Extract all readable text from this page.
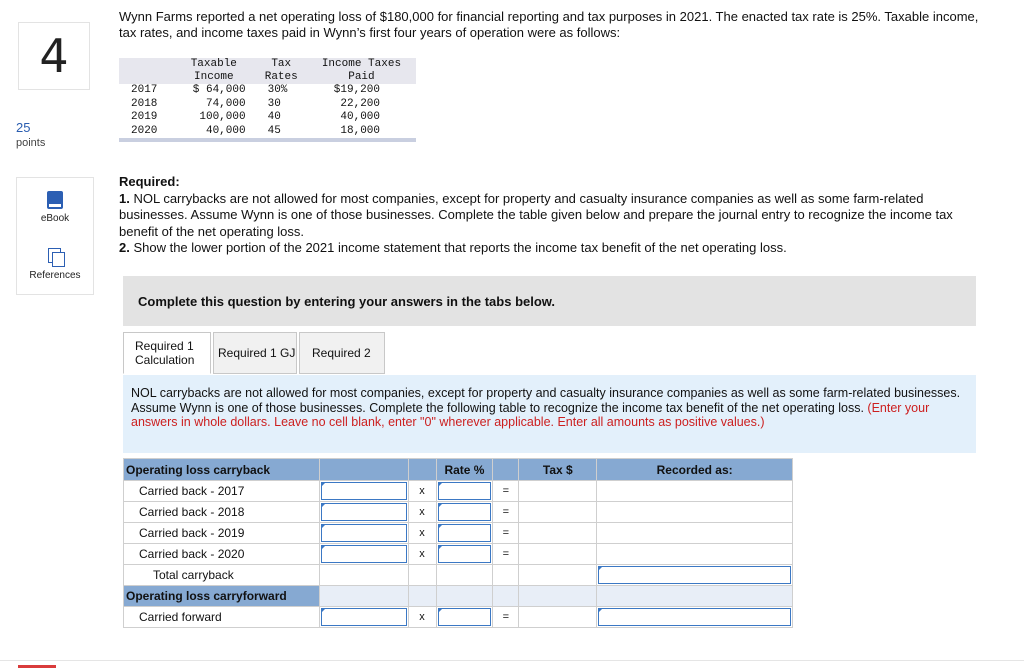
4
25
points
eBook
References
Wynn Farms reported a net operating loss of $180,000 for financial reporting and tax purposes in 2021. The enacted tax rate is 25%. Taxable income, tax rates, and income taxes paid in Wynn’s first four years of operation were as follows:
	Taxable	Tax	Income Taxes
	Income	Rates	Paid
2017	$ 64,000	30%	$19,200
2018	74,000	30	22,200
2019	100,000	40	40,000
2020	40,000	45	18,000

Required:
1. NOL carrybacks are not allowed for most companies, except for property and casualty insurance companies as well as some farm-related businesses. Assume Wynn is one of those businesses. Complete the table given below and prepare the journal entry to recognize the income tax benefit of the net operating loss.
2. Show the lower portion of the 2021 income statement that reports the income tax benefit of the net operating loss.
Complete this question by entering your answers in the tabs below.
Required 1
Calculation	Required 1 GJ	Required 2
NOL carrybacks are not allowed for most companies, except for property and casualty insurance companies as well as some farm-related businesses. Assume Wynn is one of those businesses. Complete the following table to recognize the income tax benefit of the net operating loss. (Enter your answers in whole dollars. Leave no cell blank, enter "0" wherever applicable. Enter all amounts as positive values.)
Operating loss carryback			Rate %		Tax $	Recorded as:
Carried back - 2017		x		=		
Carried back - 2018		x		=		
Carried back - 2019		x		=		
Carried back - 2020		x		=		
Total carryback						

Operating loss carryforward						
Carried forward		x		=		
